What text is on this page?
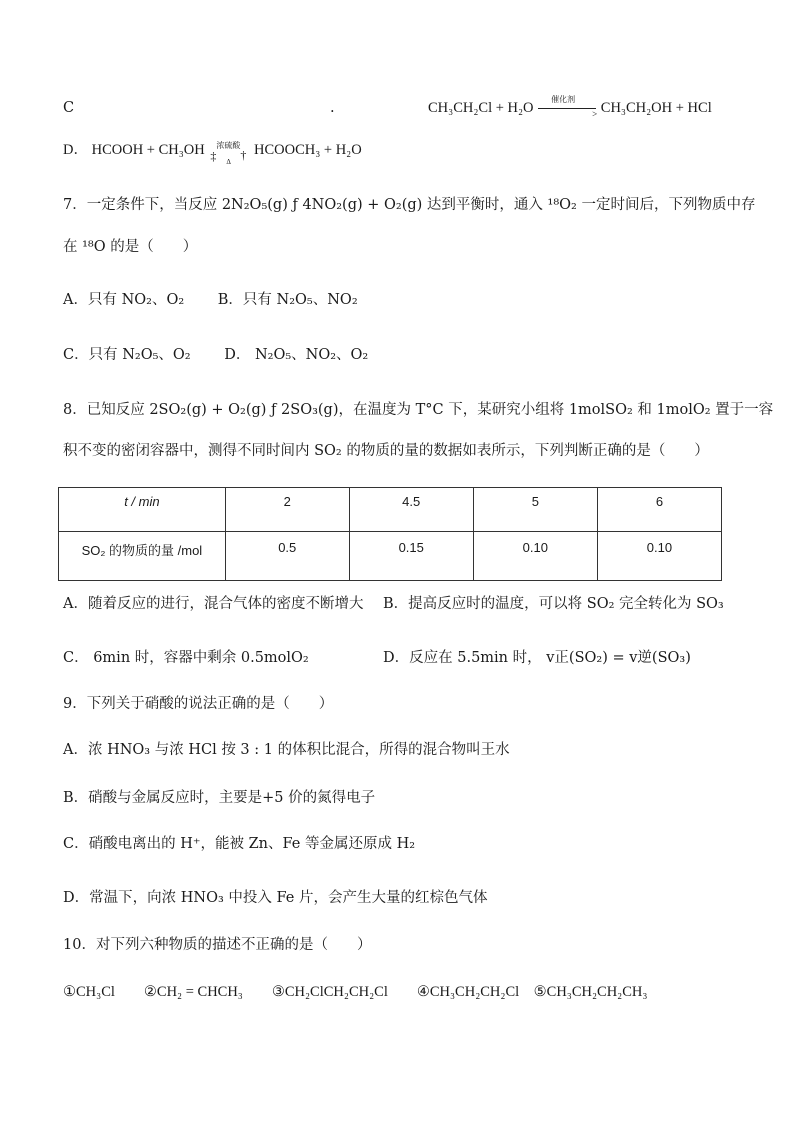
C	.	CH₃CH₂Cl + H₂O
催化剂
> CH₃CH₂OH + HCl
D． HCOOH + CH₃OH 浓硫酸
‡ Δ † HCOOCH₃ + H₂O
7．一定条件下，当反应 2N₂O₅(g) ƒ 4NO₂(g) + O₂(g) 达到平衡时，通入 ¹⁸O₂ 一定时间后，下列物质中存
在 ¹⁸O 的是（　　）
A．只有 NO₂、O₂　　 B．只有 N₂O₅、NO₂
C．只有 N₂O₅、O₂　　 D． N₂O₅、NO₂、O₂
8．已知反应 2SO₂(g) + O₂(g) ƒ 2SO₃(g)，在温度为 T°C 下，某研究小组将 1molSO₂ 和 1molO₂ 置于一容
积不变的密闭容器中，测得不同时间内 SO₂ 的物质的量的数据如表所示，下列判断正确的是（　　）
t / min	2	4.5	5	6
SO₂ 的物质的量 /mol	0.5	0.15	0.10	0.10
A．随着反应的进行，混合气体的密度不断增大 B．提高反应时的温度，可以将 SO₂ 完全转化为 SO₃
C． 6min 时，容器中剩余 0.5molO₂	D．反应在 5.5min 时， v正(SO₂) = v逆(SO₃)
9．下列关于硝酸的说法正确的是（　　）
A．浓 HNO₃ 与浓 HCl 按 3 : 1 的体积比混合，所得的混合物叫王水
B．硝酸与金属反应时，主要是+5 价的氮得电子
C．硝酸电离出的 H⁺，能被 Zn、Fe 等金属还原成 H₂
D．常温下，向浓 HNO₃ 中投入 Fe 片，会产生大量的红棕色气体
10．对下列六种物质的描述不正确的是（　　）
①CH₃Cl　　②CH₂ = CHCH₃　　③CH₂ClCH₂CH₂Cl　　④CH₃CH₂CH₂Cl　⑤CH₃CH₂CH₂CH₃
